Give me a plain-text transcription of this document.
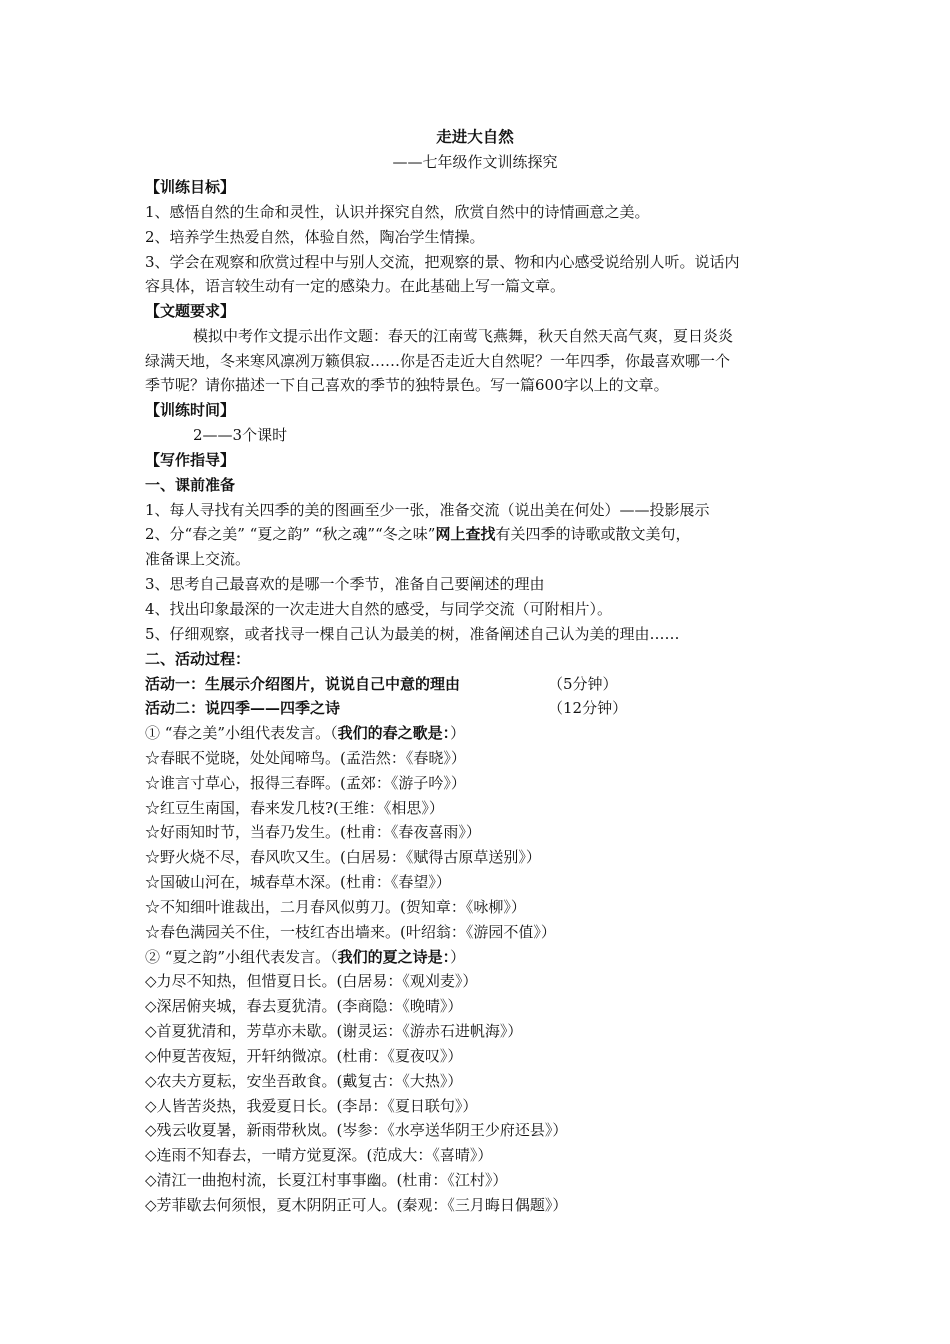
走进大自然
——七年级作文训练探究
【训练目标】
1、感悟自然的生命和灵性，认识并探究自然，欣赏自然中的诗情画意之美。
2、培养学生热爱自然，体验自然，陶冶学生情操。
3、学会在观察和欣赏过程中与别人交流，把观察的景、物和内心感受说给别人听。说话内
容具体，语言较生动有一定的感染力。在此基础上写一篇文章。
【文题要求】
模拟中考作文提示出作文题：春天的江南莺飞燕舞，秋天自然天高气爽，夏日炎炎
绿满天地，冬来寒风凛冽万籁俱寂……你是否走近大自然呢？一年四季，你最喜欢哪一个
季节呢？请你描述一下自己喜欢的季节的独特景色。写一篇600字以上的文章。
【训练时间】
2——3个课时
【写作指导】
一、课前准备
1、每人寻找有关四季的美的图画至少一张，准备交流（说出美在何处）——投影展示
2、分“春之美” “夏之韵” “秋之魂”“冬之味”网上查找有关四季的诗歌或散文美句，
准备课上交流。
3、思考自己最喜欢的是哪一个季节，准备自己要阐述的理由
4、找出印象最深的一次走进大自然的感受，与同学交流（可附相片）。
5、仔细观察，或者找寻一棵自己认为最美的树，准备阐述自己认为美的理由……
二、活动过程：
活动一：生展示介绍图片，说说自己中意的理由	（5分钟）
活动二：说四季——四季之诗	（12分钟）
① “春之美”小组代表发言。（我们的春之歌是：）
☆春眠不觉晓，处处闻啼鸟。(孟浩然：《春晓》）
☆谁言寸草心，报得三春晖。(孟郊：《游子吟》）
☆红豆生南国，春来发几枝?(王维：《相思》）
☆好雨知时节，当春乃发生。(杜甫：《春夜喜雨》）
☆野火烧不尽，春风吹又生。(白居易：《赋得古原草送别》）
☆国破山河在，城春草木深。(杜甫：《春望》）
☆不知细叶谁裁出，二月春风似剪刀。(贺知章：《咏柳》）
☆春色满园关不住，一枝红杏出墙来。(叶绍翁：《游园不值》）
② “夏之韵”小组代表发言。（我们的夏之诗是：）
◇力尽不知热，但惜夏日长。(白居易：《观刈麦》）
◇深居俯夹城，春去夏犹清。(李商隐：《晚晴》）
◇首夏犹清和，芳草亦未歇。(谢灵运：《游赤石进帆海》）
◇仲夏苦夜短，开轩纳微凉。(杜甫：《夏夜叹》）
◇农夫方夏耘，安坐吾敢食。(戴复古：《大热》）
◇人皆苦炎热，我爱夏日长。(李昂：《夏日联句》）
◇残云收夏暑，新雨带秋岚。(岑参：《水亭送华阴王少府还县》）
◇连雨不知春去，一晴方觉夏深。(范成大：《喜晴》）
◇清江一曲抱村流，长夏江村事事幽。(杜甫：《江村》）
◇芳菲歇去何须恨，夏木阴阴正可人。(秦观：《三月晦日偶题》）
